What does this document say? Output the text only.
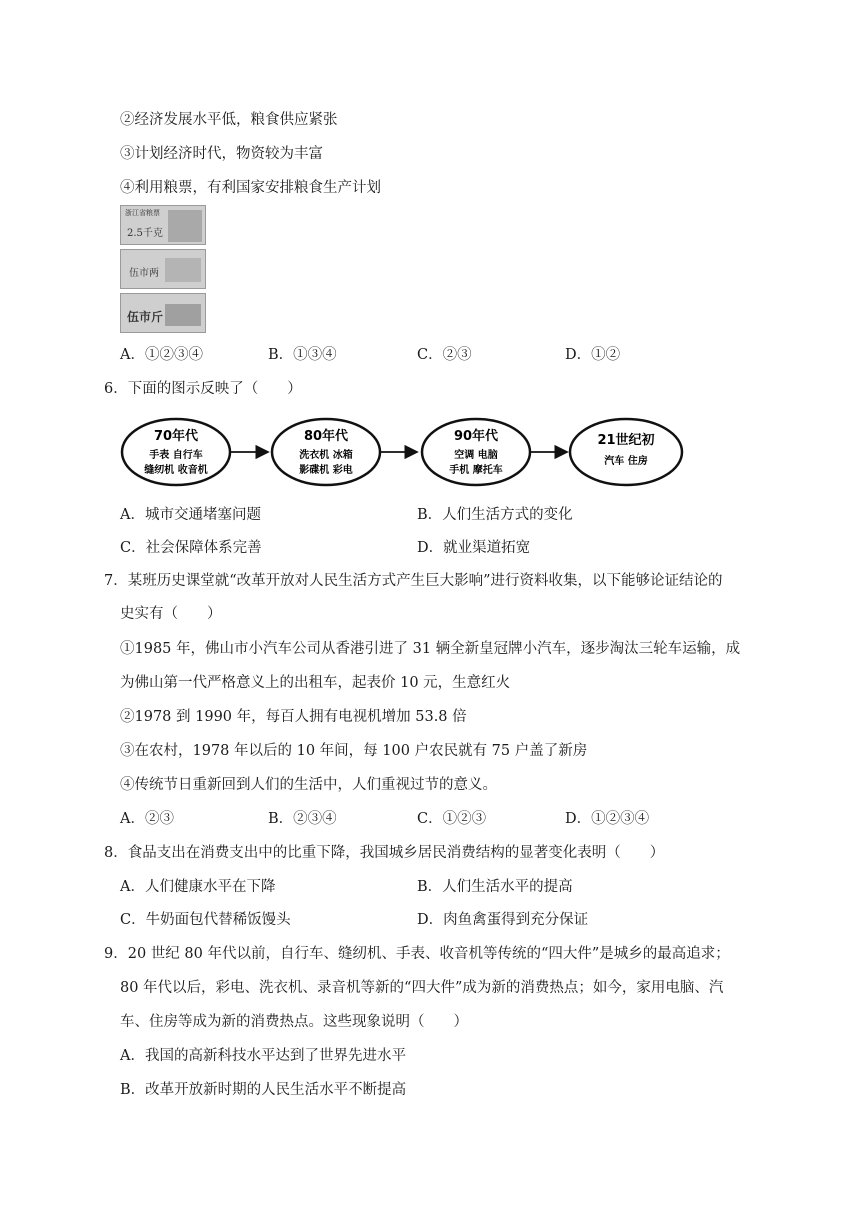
②经济发展水平低，粮食供应紧张
③计划经济时代，物资较为丰富
④利用粮票，有利国家安排粮食生产计划
浙江省粮票
2.5千克
伍市两
伍市斤
A．①②③④	B．①③④	C．②③	D．①②
6．下面的图示反映了（　　）
70年代
手表 自行车
缝纫机 收音机
80年代
洗衣机 冰箱
影碟机 彩电
90年代
空调 电脑
手机 摩托车
21世纪初
汽车 住房
A．城市交通堵塞问题	B．人们生活方式的变化
C．社会保障体系完善	D．就业渠道拓宽
7．某班历史课堂就“改革开放对人民生活方式产生巨大影响”进行资料收集，以下能够论证结论的
史实有（　　）
①1985 年，佛山市小汽车公司从香港引进了 31 辆全新皇冠牌小汽车，逐步淘汰三轮车运输，成
为佛山第一代严格意义上的出租车，起表价 10 元，生意红火
②1978 到 1990 年，每百人拥有电视机增加 53.8 倍
③在农村，1978 年以后的 10 年间，每 100 户农民就有 75 户盖了新房
④传统节日重新回到人们的生活中，人们重视过节的意义。
A．②③	B．②③④	C．①②③	D．①②③④
8．食品支出在消费支出中的比重下降，我国城乡居民消费结构的显著变化表明（　　）
A．人们健康水平在下降	B．人们生活水平的提高
C．牛奶面包代替稀饭馒头	D．肉鱼禽蛋得到充分保证
9．20 世纪 80 年代以前，自行车、缝纫机、手表、收音机等传统的“四大件”是城乡的最高追求；
80 年代以后，彩电、洗衣机、录音机等新的“四大件”成为新的消费热点；如今，家用电脑、汽
车、住房等成为新的消费热点。这些现象说明（　　）
A．我国的高新科技水平达到了世界先进水平
B．改革开放新时期的人民生活水平不断提高
